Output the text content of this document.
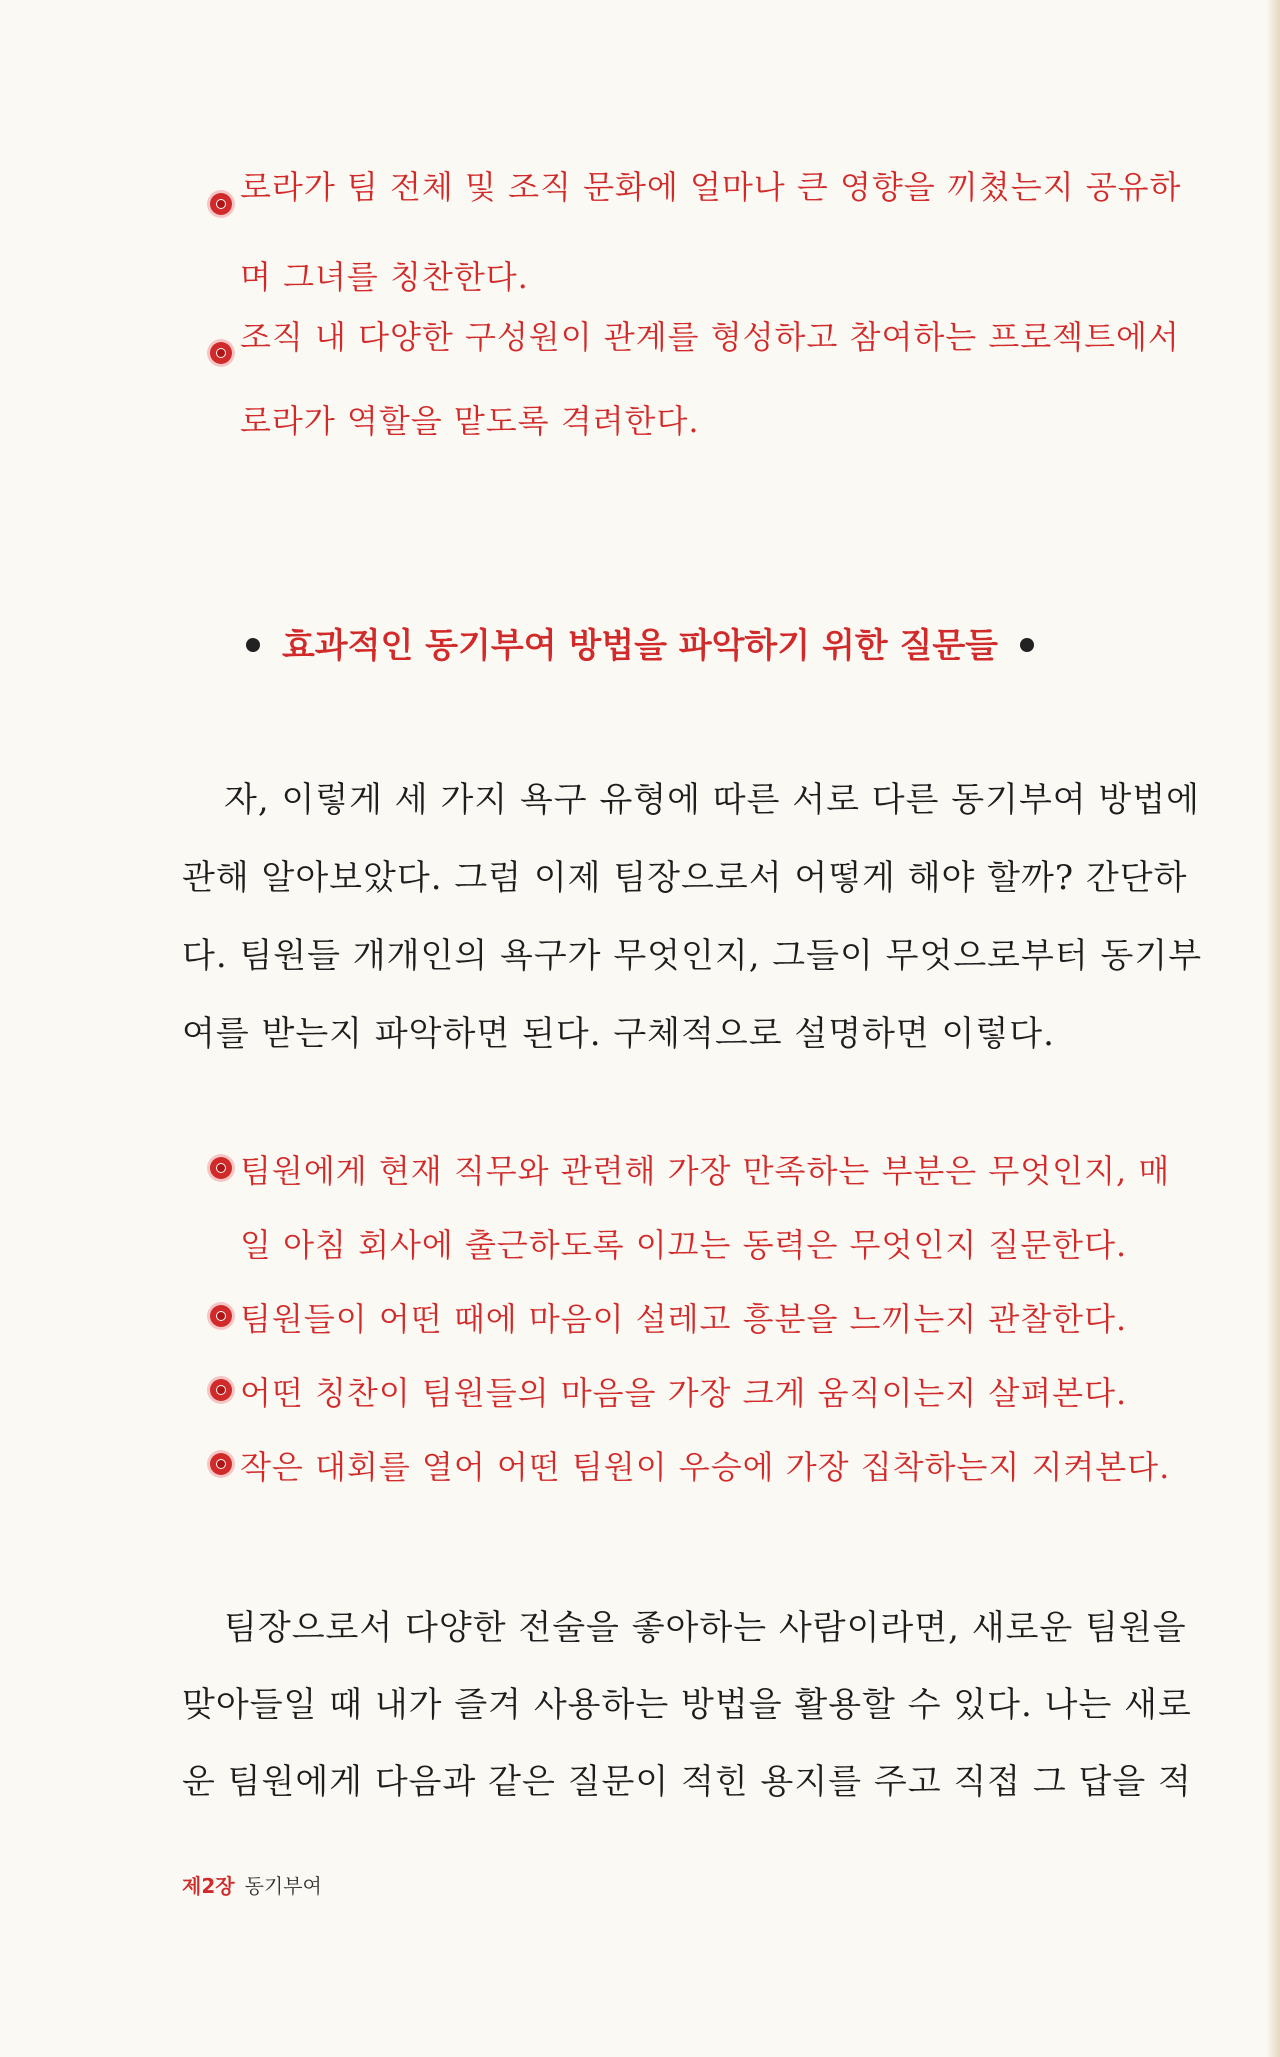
로라가 팀 전체 및 조직 문화에 얼마나 큰 영향을 끼쳤는지 공유하
며 그녀를 칭찬한다.
조직 내 다양한 구성원이 관계를 형성하고 참여하는 프로젝트에서
로라가 역할을 맡도록 격려한다.
효과적인 동기부여 방법을 파악하기 위한 질문들
자, 이렇게 세 가지 욕구 유형에 따른 서로 다른 동기부여 방법에
관해 알아보았다. 그럼 이제 팀장으로서 어떻게 해야 할까? 간단하
다. 팀원들 개개인의 욕구가 무엇인지, 그들이 무엇으로부터 동기부
여를 받는지 파악하면 된다. 구체적으로 설명하면 이렇다.
팀원에게 현재 직무와 관련해 가장 만족하는 부분은 무엇인지, 매
일 아침 회사에 출근하도록 이끄는 동력은 무엇인지 질문한다.
팀원들이 어떤 때에 마음이 설레고 흥분을 느끼는지 관찰한다.
어떤 칭찬이 팀원들의 마음을 가장 크게 움직이는지 살펴본다.
작은 대회를 열어 어떤 팀원이 우승에 가장 집착하는지 지켜본다.
팀장으로서 다양한 전술을 좋아하는 사람이라면, 새로운 팀원을
맞아들일 때 내가 즐겨 사용하는 방법을 활용할 수 있다. 나는 새로
운 팀원에게 다음과 같은 질문이 적힌 용지를 주고 직접 그 답을 적
제2장 동기부여
